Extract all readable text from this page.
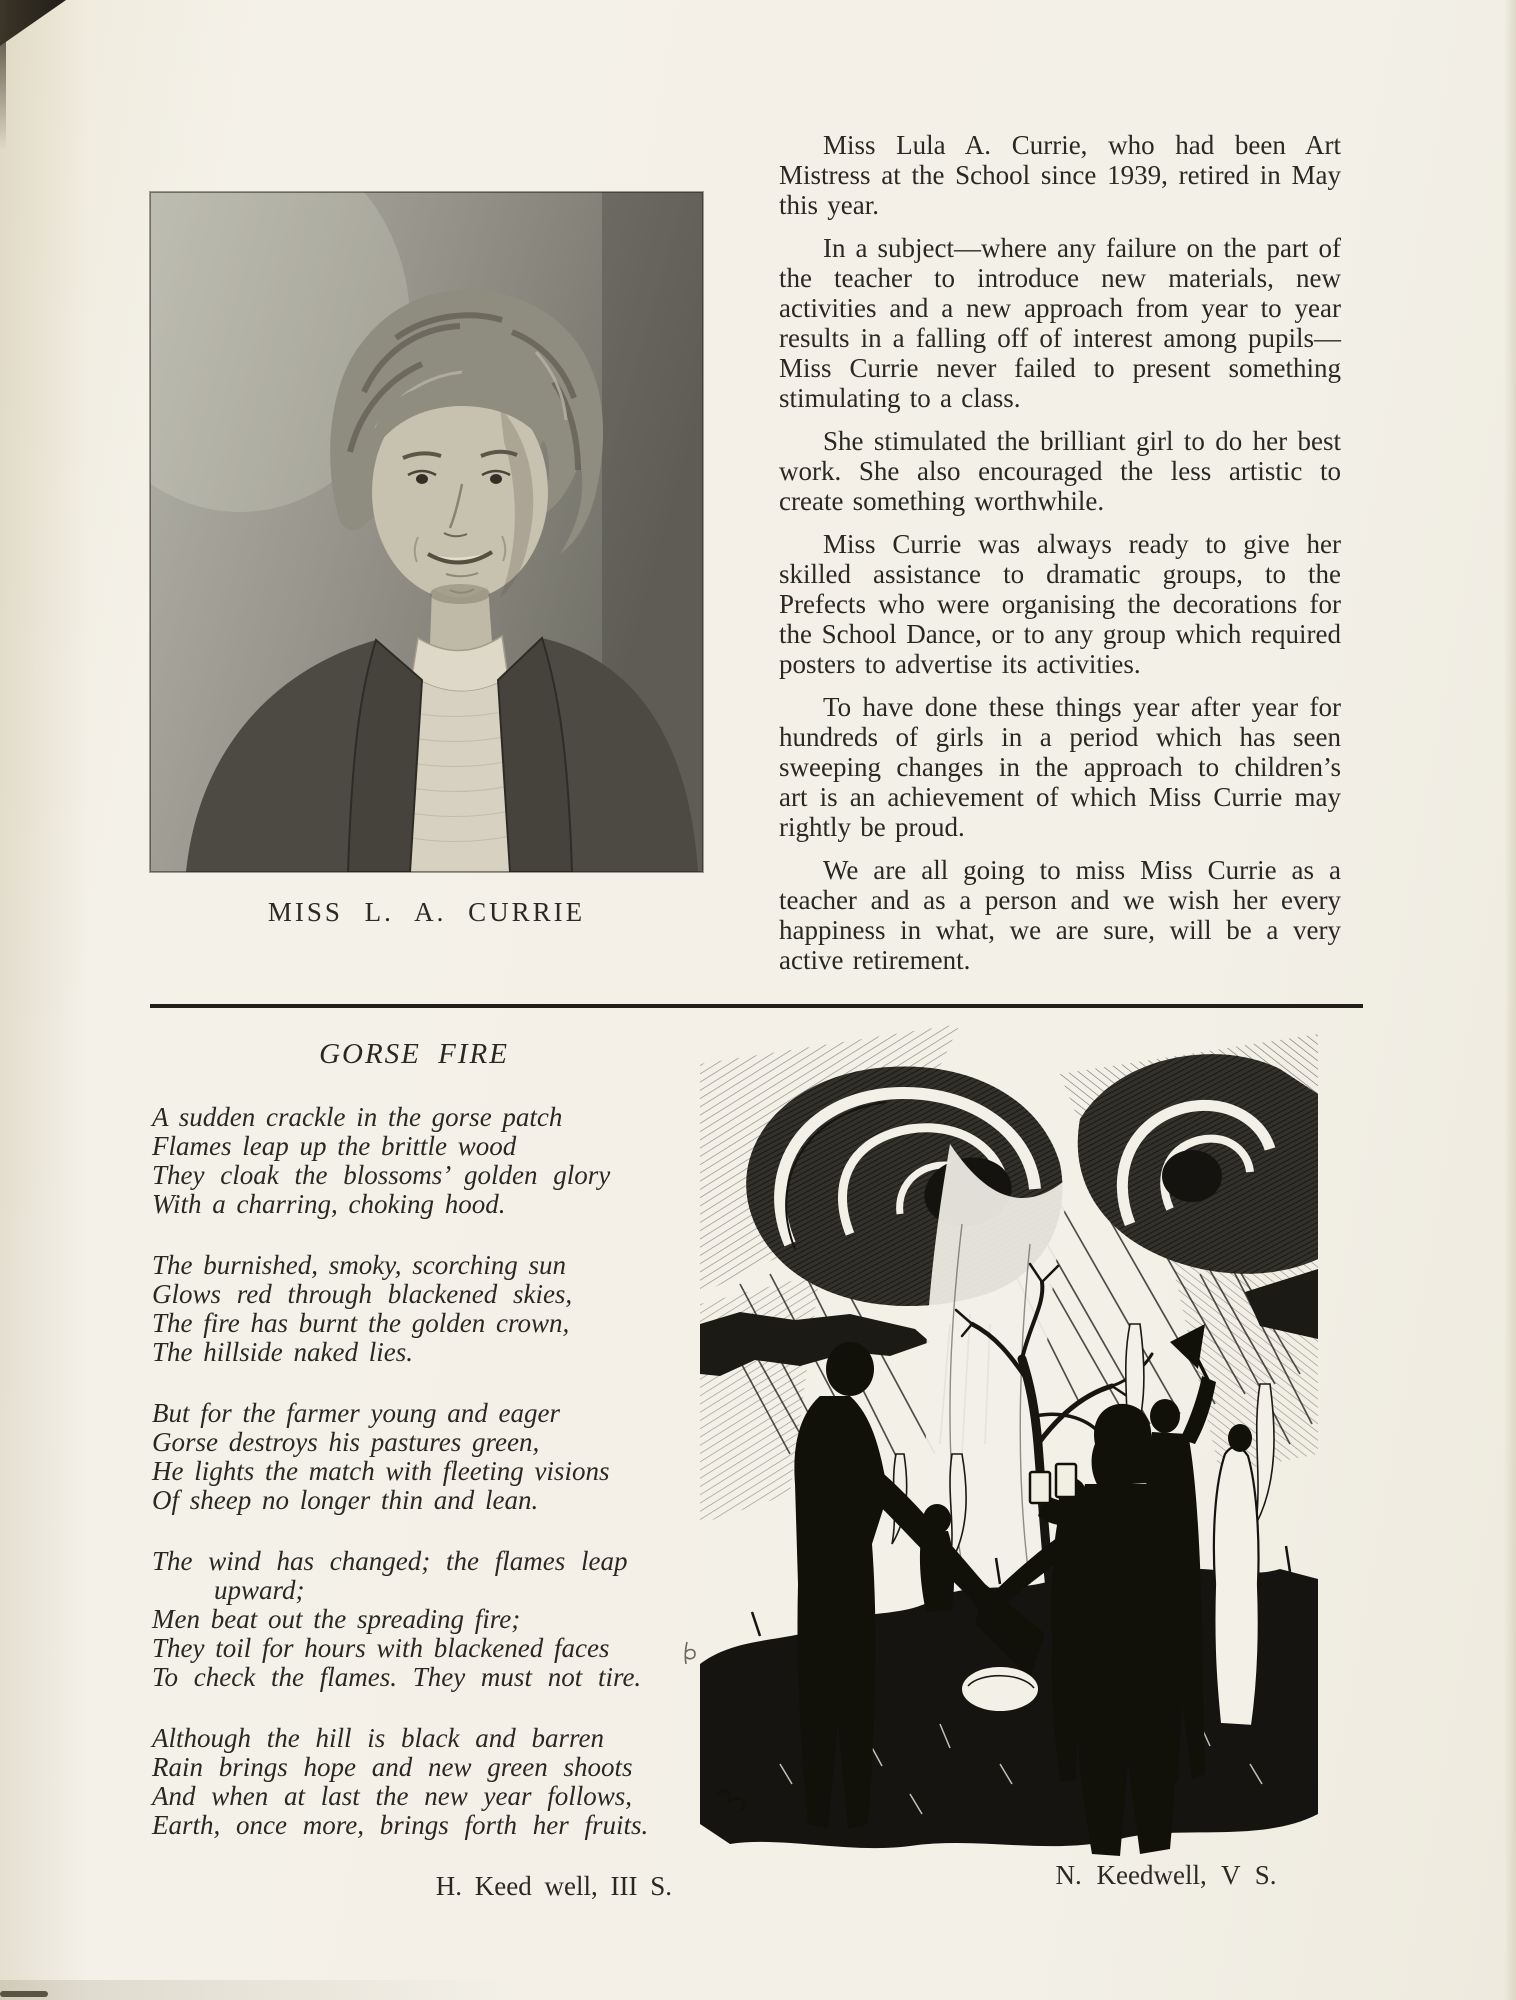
MISS L. A. CURRIE

Miss Lula A. Currie, who had been Art Mistress at the School since 1939, retired in May this year.

In a subject—where any failure on the part of the teacher to introduce new materials, new activities and a new approach from year to year results in a falling off of interest among pupils—Miss Currie never failed to present something stimulating to a class.

She stimulated the brilliant girl to do her best work. She also encouraged the less artistic to create something worthwhile.

Miss Currie was always ready to give her skilled assistance to dramatic groups, to the Prefects who were organising the decorations for the School Dance, or to any group which required posters to advertise its activities.

To have done these things year after year for hundreds of girls in a period which has seen sweeping changes in the approach to children’s art is an achievement of which Miss Currie may rightly be proud.

We are all going to miss Miss Currie as a teacher and as a person and we wish her every happiness in what, we are sure, will be a very active retirement.

GORSE FIRE
A sudden crackle in the gorse patch
Flames leap up the brittle wood
They cloak the blossoms’ golden glory
With a charring, choking hood.
The burnished, smoky, scorching sun
Glows red through blackened skies,
The fire has burnt the golden crown,
The hillside naked lies.
But for the farmer young and eager
Gorse destroys his pastures green,
He lights the match with fleeting visions
Of sheep no longer thin and lean.
The wind has changed; the flames leap
upward;
Men beat out the spreading fire;
They toil for hours with blackened faces
To check the flames. They must not tire.
Although the hill is black and barren
Rain brings hope and new green shoots
And when at last the new year follows,
Earth, once more, brings forth her fruits.
H. Keed well, III S.	N. Keedwell, V S.
